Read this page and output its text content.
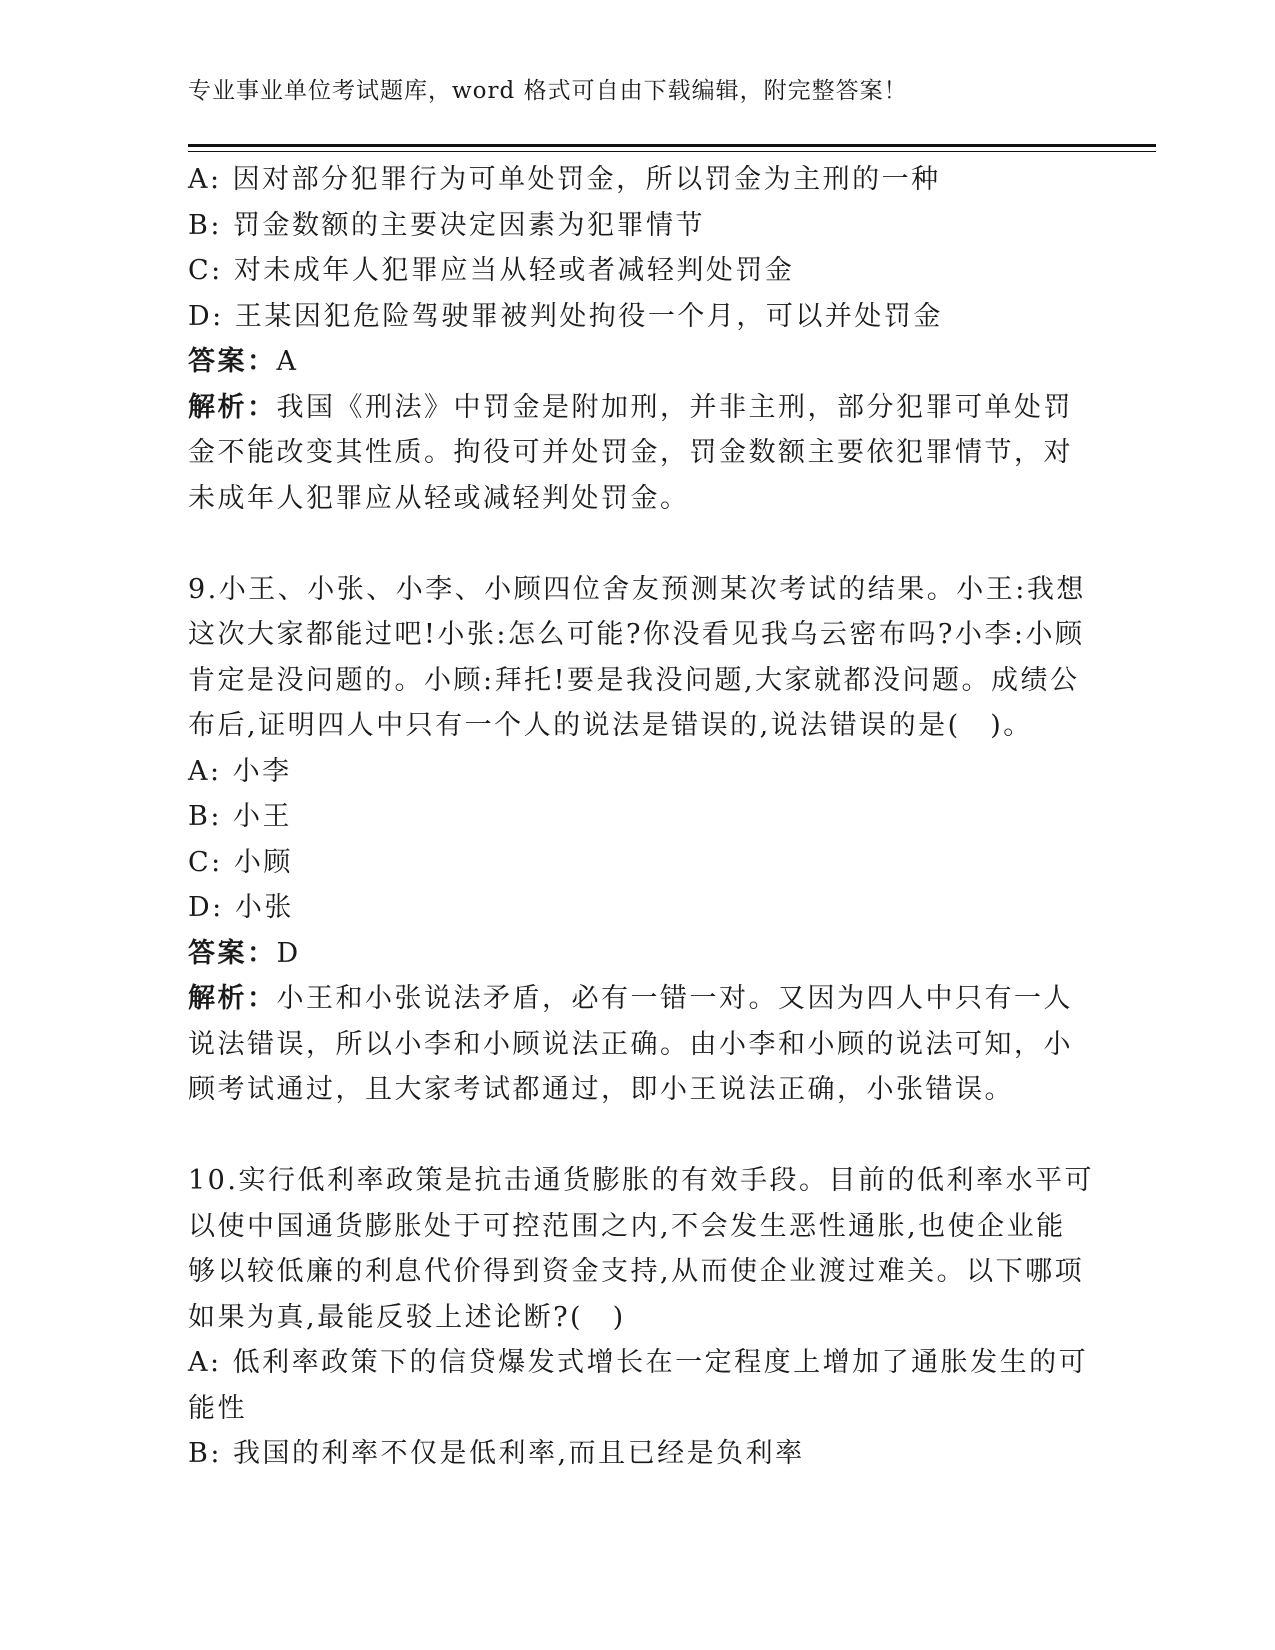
专业事业单位考试题库，word 格式可自由下载编辑，附完整答案！
A: 因对部分犯罪行为可单处罚金，所以罚金为主刑的一种
B: 罚金数额的主要决定因素为犯罪情节
C: 对未成年人犯罪应当从轻或者减轻判处罚金
D: 王某因犯危险驾驶罪被判处拘役一个月，可以并处罚金
答案：A
解析：我国《刑法》中罚金是附加刑，并非主刑，部分犯罪可单处罚
金不能改变其性质。拘役可并处罚金，罚金数额主要依犯罪情节，对
未成年人犯罪应从轻或减轻判处罚金。
9.小王、小张、小李、小顾四位舍友预测某次考试的结果。小王:我想
这次大家都能过吧!小张:怎么可能?你没看见我乌云密布吗?小李:小顾
肯定是没问题的。小顾:拜托!要是我没问题,大家就都没问题。成绩公
布后,证明四人中只有一个人的说法是错误的,说法错误的是(　)。
A: 小李
B: 小王
C: 小顾
D: 小张
答案：D
解析：小王和小张说法矛盾，必有一错一对。又因为四人中只有一人
说法错误，所以小李和小顾说法正确。由小李和小顾的说法可知，小
顾考试通过，且大家考试都通过，即小王说法正确，小张错误。
10.实行低利率政策是抗击通货膨胀的有效手段。目前的低利率水平可
以使中国通货膨胀处于可控范围之内,不会发生恶性通胀,也使企业能
够以较低廉的利息代价得到资金支持,从而使企业渡过难关。以下哪项
如果为真,最能反驳上述论断?(　)
A: 低利率政策下的信贷爆发式增长在一定程度上增加了通胀发生的可
能性
B: 我国的利率不仅是低利率,而且已经是负利率
